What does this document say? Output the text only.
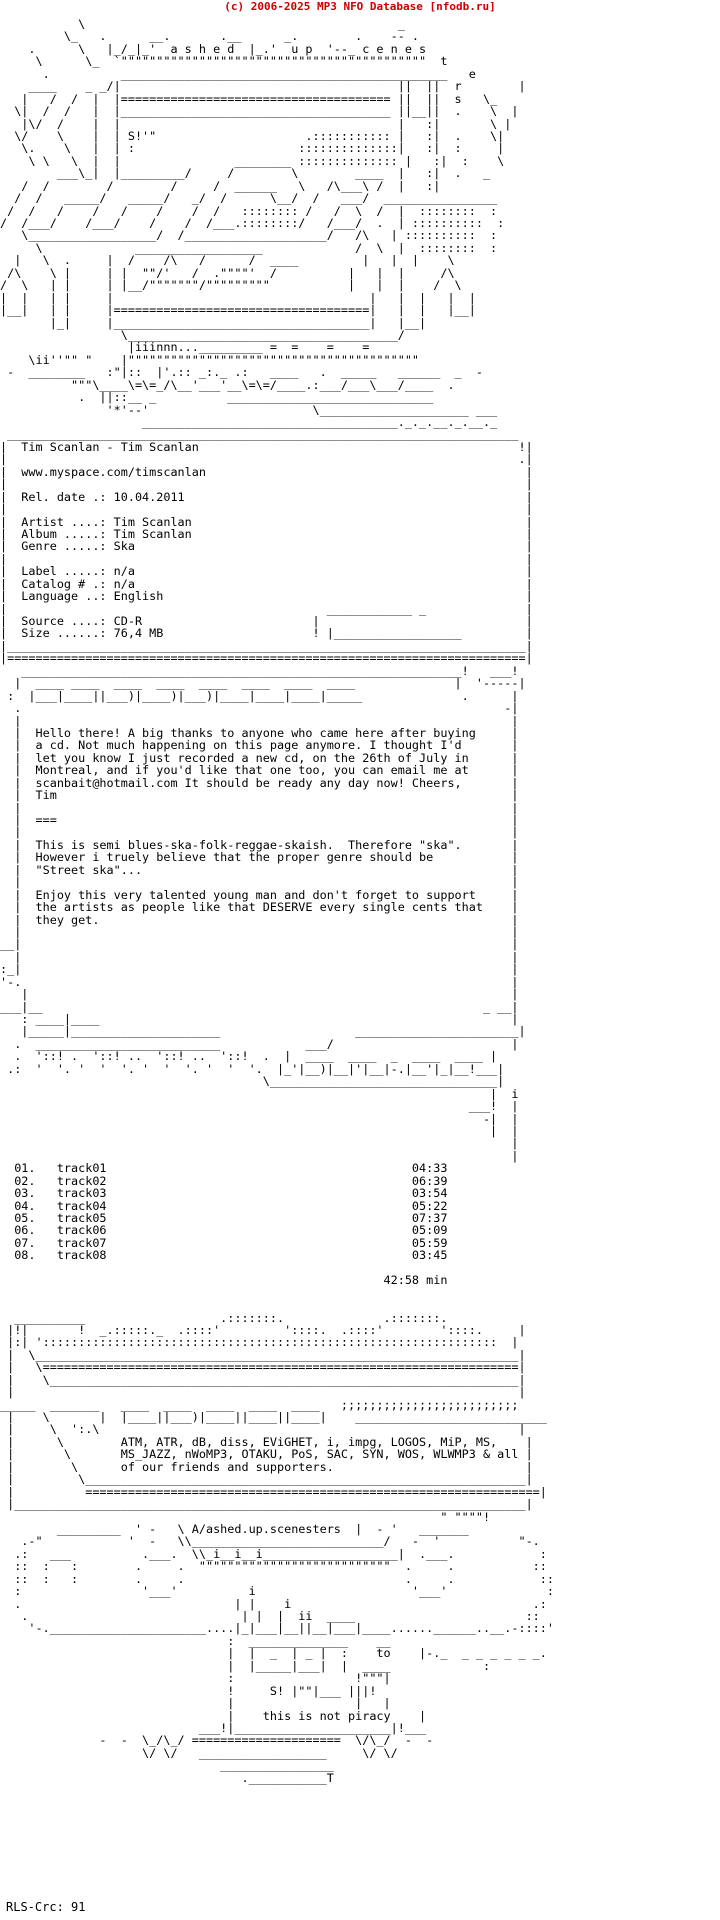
(c) 2006-2025 MP3 NFO Database [nfodb.ru]
\                                            _
\_   .      __.       .__      _.        .    -- .
.      \   |_/_|_'  a s h e d  |_.'  u p  '--_ c e n e s
\      \_  `"""""""""""""""""""""""""""""""""""""""""""  t
.          ______________________________________________   e
____    _ _/|                                       ||  ||  r        |
|   /  /  |  |====================================== ||  ||  s   \_
\|  /  /   |  |______________________________________ ||__||  .    \  |
|\/  /    |  |                                       |   :|       \ |
\/    \    |  | S!'"                     .::::::::::: |   :|  .    \|
\.    \   |  | :                       ::::::::::::::|   :|  :     |
\ \   \  |  |                ________ :::::::::::::: |   :|  :    \
___\_|  |_________/     /        \        ____  |   :|  .   _
/  /        /        /     /  ______   \   /\___\ /  |   :|
/  /   _____/   _____/   _/  /      \__/  /   ___/  ________________
/  /   /    /   /    /    /  /   :::::::: /   /  \  /  |  ::::::::  :
/  /___/    /___/    /    /  /___.::::::::/   /___/  .  | ::::::::::  :
\__________________/  /____________________/   /\   | ::::::::::  :
\             __________________             /  \  |  ::::::::  :
|   \  .     |  /    /\   /      /  ____         |   |  |    \
/\    \ |     | |  ""/'   /  .""""'  /          |   |  |     /\
/  \   | |     | |__/"""""""/"""""""""           |   |  |    /  \
|  |   | |     |                                    |   |  |   |  |
|__|   | |     |====================================|   |  |   |__|
|_|     |____________________________________|   |__|
\______________________________________/
|iiinnn..._________ =  =    =    =
\ii''"" "    |"""""""""""""""""""""""""""""""""""""""""
-  ________   :"|::  |'.:: _:._ .:   ____   .  _____   ______  _  -
"""\____\=\=_/\__'___'__\=\=/____.:___/___\___/____  .
.  ||::__ _          _____________________________
'*'--'                       \_____________________ ___
____________________________________._._.__._.__._
________________________________________________________________________
|  Tim Scanlan - Tim Scanlan                                             !|
|                                                                        .|
|  www.myspace.com/timscanlan                                             |
|                                                                         |
|  Rel. date .: 10.04.2011                                                |
|                                                                         |
|  Artist ....: Tim Scanlan                                               |
|  Album .....: Tim Scanlan                                               |
|  Genre .....: Ska                                                       |
|                                                                         |
|  Label .....: n/a                                                       |
|  Catalog # .: n/a                                                       |
|  Language ..: English                                                   |
|                                             ____________ _              |
|  Source ....: CD-R                        |                             |
|  Size ......: 76,4 MB                     ! |__________________         |
|_________________________________________________________________________|
|=========================================================================|
______________________________________________________________!   ___!
|  ____ ____  ____  ____  ____  ____  ____  ____              |  '-----|
:  |___|____||___)|____)|___)|____|____|____|_____              .      |
.                                                                    -|
|                                                                     |
|  Hello there! A big thanks to anyone who came here after buying     |
|  a cd. Not much happening on this page anymore. I thought I'd       |
|  let you know I just recorded a new cd, on the 26th of July in      |
|  Montreal, and if you'd like that one too, you can email me at      |
|  scanbait@hotmail.com It should be ready any day now! Cheers,       |
|  Tim                                                                |
|                                                                     |
|  ===                                                                |
|                                                                     |
|  This is semi blues-ska-folk-reggae-skaish.  Therefore "ska".       |
|  However i truely believe that the proper genre should be           |
|  "Street ska"...                                                    |
|                                                                     |
|  Enjoy this very talented young man and don't forget to support     |
|  the artists as people like that DESERVE every single cents that    |
|  they get.                                                          |
|                                                                     |
__|                                                                     |
|                                                                     |
:_|                                                                     |
'-.                                                                     |
|                                                                    |
___|__                                                              _ __|
: ____|____                                                          |
|_____|_____________________                   _______________________|
.  __________________________            ___/                         |
.  '::! .  '::! ..  '::! ..  '::!  .  |  ____  ____  _  ____  ____ |
.:  '  '. '  '  '. '  '  '. '  '  '.  |_'|__)|__|'|__|-.|__'|_|__!___|
\________________________________|
|  i
___!  |
-|  |
|  |
|
|
01.   track01                                           04:33
02.   track02                                           06:39
03.   track03                                           03:54
04.   track04                                           05:22
05.   track05                                           07:37
06.   track06                                           05:09
07.   track07                                           05:59
08.   track08                                           03:45

42:58 min

__________                   .:::::::.              .:::::::.
|!|       !  _.:::::._  .::::'         '::::.  .::::'        '::::.     |
|:| '::::::::::::::::::::::::::::::::::::::::::::::::::::::::::::::::  |
|  \____________________________________________________________________|
|   \===================================================================|
|    \__________________________________________________________________|
|                                                                       |
_____  _______   ____  ____  ____  ____  ____   ;;;;;;;;;;;;;;;;;;;;;;;;;
|    \       |  |____||___)|____||____||____|    ___________________________
|     \  ':.\                                                           |
|      \        ATM, ATR, dB, diss, EViGHET, i, impg, LOGOS, MiP, MS,    |
|       \       MS_JAZZ, nWoMP3, OTAKU, PoS, SAC, SYN, WOS, WLWMP3 & all |
|        \      of our friends and supporters.                           |
|         \______________________________________________________________|
|          ================================================================|
|________________________________________________________________________|
" """"!
_________  ' -   \ A/ashed.up.scenesters  |  - '   _______
.-"            '  -   \\___________________________/   -  '           "-.
.:   ___          .___.  \\_i__i__i___________________|  .___.            :
::  :   :        .     .  """""""""""""""""""""""""""  .     .           ::
::  :   :        .     .                               .     .            ::
:                 '___'          i                      '___'              :
.                              | |    i                                  .:
.                              | |  |  ii  ____                        ::
'-.______________________....|_|___|__||__|___|____......______..__.-::::'
:  ______________    __
|  |  _  | _ |  :    to    |-._  _ _ _ _ _ _.
|  |_____|___|  |  ____             :
:                 !"""|
!     S! |""|___ |||!
|                 |   |
|    this is not piracy    |
___!|______________________|!___
-  -  \_/\_/ =====================  \/\_/  -  -
\/ \/   __________________     \/ \/
________________
.___________T
RLS-Crc: 91
